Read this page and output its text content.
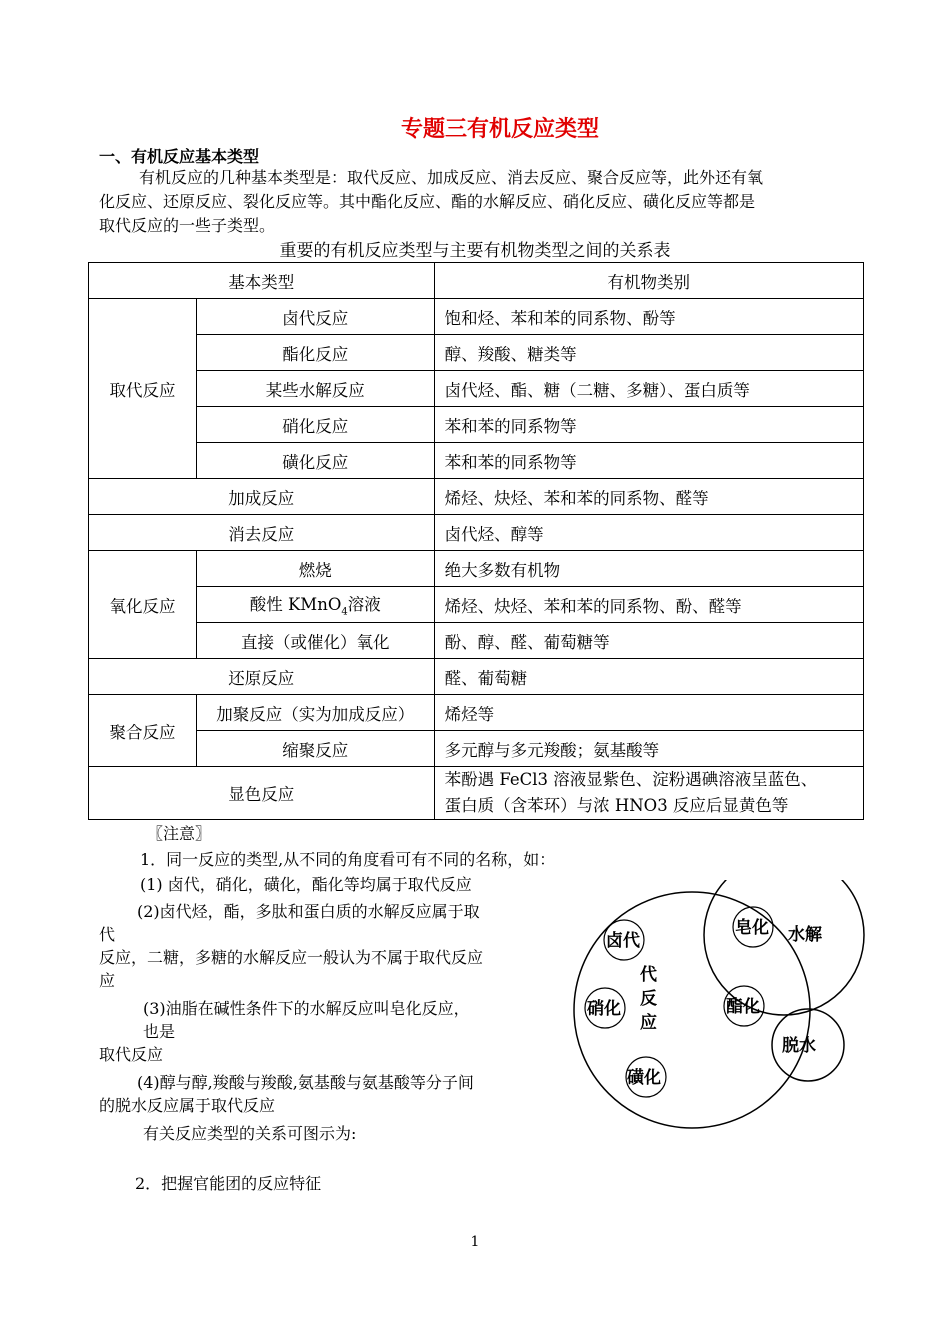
专题三有机反应类型
一、有机反应基本类型
有机反应的几种基本类型是：取代反应、加成反应、消去反应、聚合反应等，此外还有氧
化反应、还原反应、裂化反应等。其中酯化反应、酯的水解反应、硝化反应、磺化反应等都是
取代反应的一些子类型。
重要的有机反应类型与主要有机物类型之间的关系表
基本类型		有机物类别
取代反应	卤代反应	饱和烃、苯和苯的同系物、酚等
	酯化反应	醇、羧酸、糖类等
	某些水解反应	卤代烃、酯、糖（二糖、多糖）、蛋白质等
	硝化反应	苯和苯的同系物等
	磺化反应	苯和苯的同系物等
加成反应		烯烃、炔烃、苯和苯的同系物、醛等
消去反应		卤代烃、醇等
氧化反应	燃烧	绝大多数有机物
	酸性 KMnO$_4$溶液	烯烃、炔烃、苯和苯的同系物、酚、醛等
	直接（或催化）氧化	酚、醇、醛、葡萄糖等
还原反应		醛、葡萄糖
聚合反应	加聚反应（实为加成反应）	烯烃等
	缩聚反应	多元醇与多元羧酸；氨基酸等
显色反应		苯酚遇 FeCl3 溶液显紫色、淀粉遇碘溶液呈蓝色、
蛋白质（含苯环）与浓 HNO3 反应后显黄色等
〖注意〗
1．同一反应的类型,从不同的角度看可有不同的名称，如：
(1) 卤代，硝化，磺化，酯化等均属于取代反应
(2)卤代烃，酯，多肽和蛋白质的水解反应属于取
代
反应，二糖，多糖的水解反应一般认为不属于取代反应
应
(3)油脂在碱性条件下的水解反应叫皂化反应，
也是
取代反应
(4)醇与醇,羧酸与羧酸,氨基酸与氨基酸等分子间
的脱水反应属于取代反应
有关反应类型的关系可图示为:
2．把握官能团的反应特征
卤代
皂化 水解
硝化	酯化
脱水
磺化
代
反
应
1
